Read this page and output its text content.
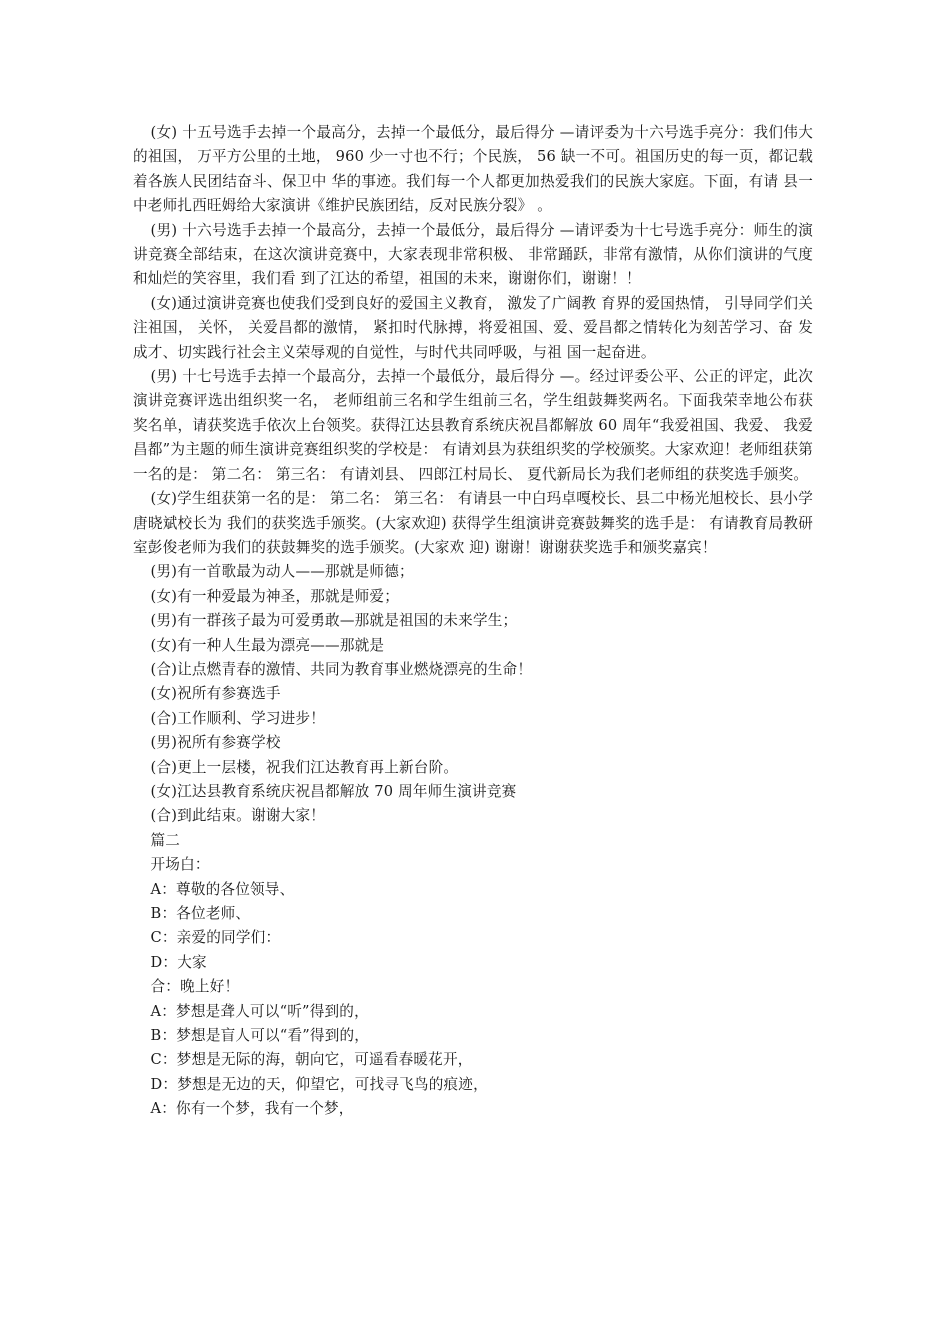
(女) 十五号选手去掉一个最高分，去掉一个最低分，最后得分 —请评委为十六号选手亮分：我们伟大的祖国， 万平方公里的土地， 960 少一寸也不行；个民族， 56 缺一不可。祖国历史的每一页，都记载着各族人民团结奋斗、保卫中 华的事迹。我们每一个人都更加热爱我们的民族大家庭。下面，有请 县一中老师扎西旺姆给大家演讲《维护民族团结，反对民族分裂》 。

(男) 十六号选手去掉一个最高分，去掉一个最低分，最后得分 —请评委为十七号选手亮分：师生的演讲竞赛全部结束，在这次演讲竞赛中，大家表现非常积极、 非常踊跃，非常有激情，从你们演讲的气度和灿烂的笑容里，我们看 到了江达的希望，祖国的未来，谢谢你们，谢谢！！

(女)通过演讲竞赛也使我们受到良好的爱国主义教育， 激发了广阔教 育界的爱国热情， 引导同学们关注祖国， 关怀， 关爱昌都的激情， 紧扣时代脉搏，将爱祖国、爱、爱昌都之情转化为刻苦学习、奋 发成才、切实践行社会主义荣辱观的自觉性，与时代共同呼吸，与祖 国一起奋进。

(男) 十七号选手去掉一个最高分，去掉一个最低分，最后得分 —。经过评委公平、公正的评定，此次演讲竞赛评选出组织奖一名， 老师组前三名和学生组前三名，学生组鼓舞奖两名。下面我荣幸地公布获奖名单，请获奖选手依次上台领奖。获得江达县教育系统庆祝昌都解放 60 周年“我爱祖国、我爱、 我爱昌都”为主题的师生演讲竞赛组织奖的学校是： 有请刘县为获组织奖的学校颁奖。大家欢迎！老师组获第一名的是： 第二名： 第三名： 有请刘县、 四郎江村局长、 夏代新局长为我们老师组的获奖选手颁奖。

(女)学生组获第一名的是： 第二名： 第三名： 有请县一中白玛卓嘎校长、县二中杨光旭校长、县小学唐晓斌校长为 我们的获奖选手颁奖。(大家欢迎) 获得学生组演讲竞赛鼓舞奖的选手是： 有请教育局教研室彭俊老师为我们的获鼓舞奖的选手颁奖。(大家欢 迎) 谢谢！谢谢获奖选手和颁奖嘉宾！

(男)有一首歌最为动人——那就是师德；

(女)有一种爱最为神圣，那就是师爱；

(男)有一群孩子最为可爱勇敢—那就是祖国的未来学生；

(女)有一种人生最为漂亮——那就是

(合)让点燃青春的激情、共同为教育事业燃烧漂亮的生命！

(女)祝所有参赛选手

(合)工作顺利、学习进步！

(男)祝所有参赛学校

(合)更上一层楼，祝我们江达教育再上新台阶。

(女)江达县教育系统庆祝昌都解放 70 周年师生演讲竞赛

(合)到此结束。谢谢大家！

篇二

开场白：

A：尊敬的各位领导、

B：各位老师、

C：亲爱的同学们：

D：大家

合：晚上好！

A：梦想是聋人可以“听”得到的，

B：梦想是盲人可以“看”得到的，

C：梦想是无际的海，朝向它，可遥看春暖花开，

D：梦想是无边的天，仰望它，可找寻飞鸟的痕迹，

A：你有一个梦，我有一个梦，
